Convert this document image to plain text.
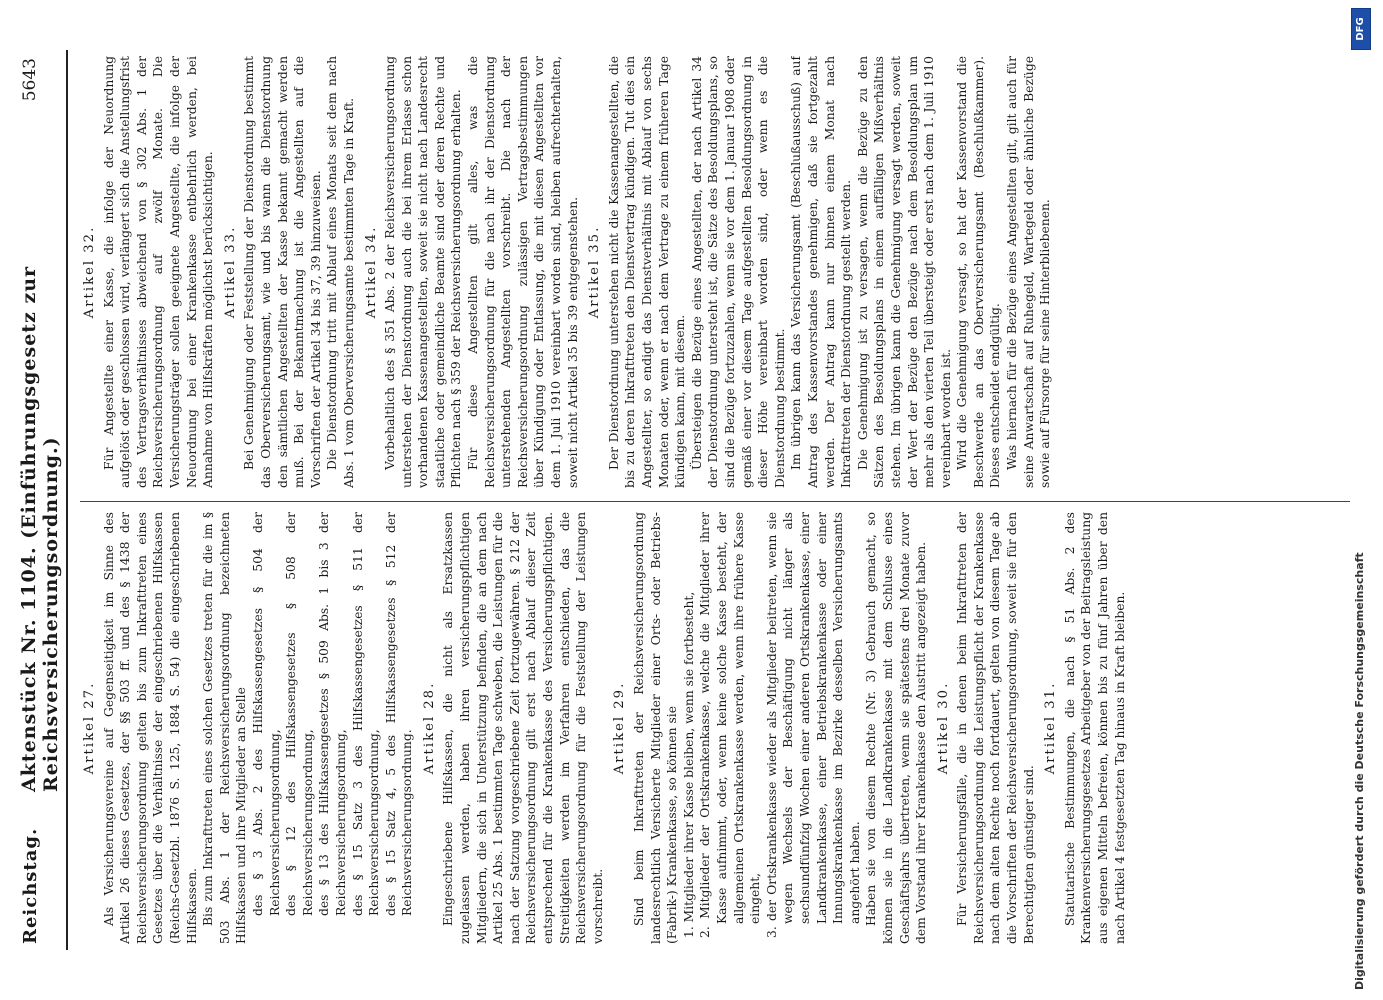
Reichstag.
Aktenstück Nr. 1104. (Einführungsgesetz zur Reichsversicherungsordnung.)
5643
Artikel 27. Als Versicherungsvereine auf Gegenseitigkeit im Sinne des Artikel 26 dieses Gesetzes, der §§ 503 ff. und des § 1438 der Reichsversicherungsordnung gelten bis zum Inkrafttreten eines Gesetzes über die Verhältnisse der eingeschriebenen Hilfskassen (Reichs-Gesetzbl. 1876 S. 125, 1884 S. 54) die eingeschriebenen Hilfskassen. Bis zum Inkrafttreten eines solchen Gesetzes treten für die im § 503 Abs. 1 der Reichsversicherungsordnung bezeichneten Hilfskassen und ihre Mitglieder an Stelle des § 3 Abs. 2 des Hilfskassengesetzes § 504 der Reichsversicherungsordnung, des § 12 des Hilfskassengesetzes § 508 der Reichsversicherungsordnung, des § 13 des Hilfskassengesetzes § 509 Abs. 1 bis 3 der Reichsversicherungsordnung, des § 15 Satz 3 des Hilfskassengesetzes § 511 der Reichsversicherungsordnung, des § 15 Satz 4, 5 des Hilfskassengesetzes § 512 der Reichsversicherungsordnung.

Artikel 28. Eingeschriebene Hilfskassen, die nicht als Ersatzkassen zugelassen werden, haben ihren versicherungspflichtigen Mitgliedern, die sich in Unterstützung befinden, die an dem nach Artikel 25 Abs. 1 bestimmten Tage schweben, die Leistungen für die nach der Satzung vorgeschriebene Zeit fortzugewähren. § 212 der Reichsversicherungsordnung gilt erst nach Ablauf dieser Zeit entsprechend für die Krankenkasse des Versicherungspflichtigen. Streitigkeiten werden im Verfahren entschieden, das die Reichsversicherungsordnung für die Feststellung der Leistungen vorschreibt.

Artikel 29. Sind beim Inkrafttreten der Reichsversicherungsordnung landesrechtlich Versicherte Mitglieder einer Orts- oder Betriebs- (Fabrik-) Krankenkasse, so können sie 1. Mitglieder ihrer Kasse bleiben, wenn sie fortbesteht, 2. Mitglieder der Ortskrankenkasse, welche die Mitglieder ihrer Kasse aufnimmt, oder, wenn keine solche Kasse besteht, der allgemeinen Ortskrankenkasse werden, wenn ihre frühere Kasse eingeht, 3. der Ortskrankenkasse wieder als Mitglieder beitreten, wenn sie wegen Wechsels der Beschäftigung nicht länger als sechsundfünfzig Wochen einer anderen Ortskrankenkasse, einer Landkrankenkasse, einer Betriebskrankenkasse oder einer Innungskrankenkasse im Bezirke desselben Versicherungsamts angehört haben. Haben sie von diesem Rechte (Nr. 3) Gebrauch gemacht, so können sie in die Landkrankenkasse mit dem Schlusse eines Geschäftsjahrs übertreten, wenn sie spätestens drei Monate zuvor dem Vorstand ihrer Krankenkasse den Austritt angezeigt haben. Artikel 30. Für Versicherungsfälle, die in denen beim Inkrafttreten der Reichsversicherungsordnung die Leistungspflicht der Krankenkasse nach dem alten Rechte noch fortdauert, gelten von diesem Tage ab die Vorschriften der Reichsversicherungsordnung, soweit sie für den Berechtigten günstiger sind.

Artikel 31. Statutarische Bestimmungen, die nach § 51 Abs. 2 des Krankenversicherungsgesetzes Arbeitgeber von der Beitragsleistung aus eigenen Mitteln befreien, können bis zu fünf Jahren über den nach Artikel 4 festgesetzten Tag hinaus in Kraft bleiben.

Artikel 32. Für Angestellte einer Kasse, die infolge der Neuordnung aufgelöst oder geschlossen wird, verlängert sich die Anstellungsfrist des Vertragsverhältnisses abweichend von § 302 Abs. 1 der Reichsversicherungsordnung auf zwölf Monate. Die Versicherungsträger sollen geeignete Angestellte, die infolge der Neuordnung bei einer Krankenkasse entbehrlich werden, bei Annahme von Hilfskräften möglichst berücksichtigen. Artikel 33. Bei Genehmigung oder Feststellung der Dienstordnung bestimmt das Oberversicherungsamt, wie und bis wann die Dienstordnung den sämtlichen Angestellten der Kasse bekannt gemacht werden muß. Bei der Bekanntmachung ist die Angestellten auf die Vorschriften der Artikel 34 bis 37, 39 hinzuweisen. Die Dienstordnung tritt mit Ablauf eines Monats seit dem nach Abs. 1 vom Oberversicherungsamte bestimmten Tage in Kraft. Artikel 34. Vorbehaltlich des § 351 Abs. 2 der Reichsversicherungsordnung unterstehen der Dienstordnung auch die bei ihrem Erlasse schon vorhandenen Kassenangestellten, soweit sie nicht nach Landesrecht staatliche oder gemeindliche Beamte sind oder deren Rechte und Pflichten nach § 359 der Reichsversicherungsordnung erhalten. Für diese Angestellten gilt alles, was die Reichsversicherungsordnung für die nach ihr der Dienstordnung unterstehenden Angestellten vorschreibt. Die nach der Reichsversicherungsordnung zulässigen Vertragsbestimmungen über Kündigung oder Entlassung, die mit diesen Angestellten vor dem 1. Juli 1910 vereinbart worden sind, bleiben aufrechterhalten, soweit nicht Artikel 35 bis 39 entgegenstehen. Artikel 35. Der Dienstordnung unterstehen nicht die Kassenangestellten, die bis zu deren Inkrafttreten den Dienstvertrag kündigen. Tut dies ein Angestellter, so endigt das Dienstverhältnis mit Ablauf von sechs Monaten oder, wenn er nach dem Vertrage zu einem früheren Tage kündigen kann, mit diesem. Übersteigen die Bezüge eines Angestellten, der nach Artikel 34 der Dienstordnung untersteht ist, die Sätze des Besoldungsplans, so sind die Bezüge fortzuzahlen, wenn sie vor dem 1. Januar 1908 oder gemäß einer vor diesem Tage aufgestellten Besoldungsordnung in dieser Höhe vereinbart worden sind, oder wenn es die Dienstordnung bestimmt. Im übrigen kann das Versicherungsamt (Beschlußausschuß) auf Antrag des Kassenvorstandes genehmigen, daß sie fortgezahlt werden. Der Antrag kann nur binnen einem Monat nach Inkrafttreten der Dienstordnung gestellt werden. Die Genehmigung ist zu versagen, wenn die Bezüge zu den Sätzen des Besoldungsplans in einem auffälligen Mißverhältnis stehen. Im übrigen kann die Genehmigung versagt werden, soweit der Wert der Bezüge den Bezüge nach dem Besoldungsplan um mehr als den vierten Teil übersteigt oder erst nach dem 1. Juli 1910 vereinbart worden ist. Wird die Genehmigung versagt, so hat der Kassenvorstand die Beschwerde an das Oberversicherungsamt (Beschlußkammer). Dieses entscheidet endgültig. Was hiernach für die Bezüge eines Angestellten gilt, gilt auch für seine Anwartschaft auf Ruhegeld, Wartegeld oder ähnliche Bezüge sowie auf Fürsorge für seine Hinterbliebenen.

Digitalisierung gefördert durch die Deutsche Forschungsgemeinschaft
DFG
